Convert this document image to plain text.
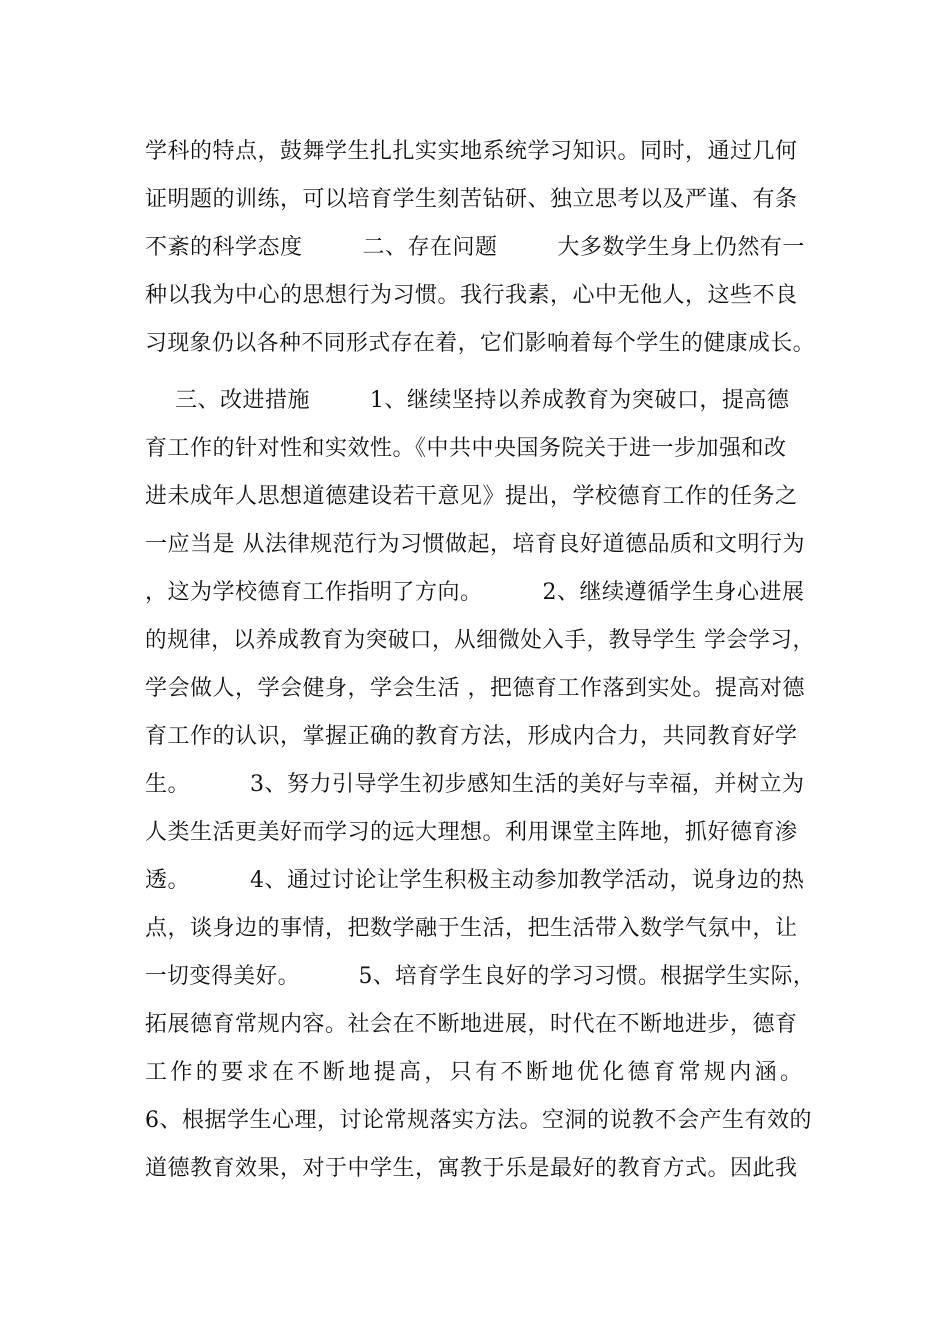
学科的特点，鼓舞学生扎扎实实地系统学习知识。同时，通过几何
证明题的训练，可以培育学生刻苦钻研、独立思考以及严谨、有条
不紊的科学态度        二、存在问题        大多数学生身上仍然有一
种以我为中心的思想行为习惯。我行我素，心中无他人，这些不良
习现象仍以各种不同形式存在着，它们影响着每个学生的健康成长。
三、改进措施        1、继续坚持以养成教育为突破口，提高德
育工作的针对性和实效性。《中共中央国务院关于进一步加强和改
进未成年人思想道德建设若干意见》提出，学校德育工作的任务之
一应当是 从法律规范行为习惯做起，培育良好道德品质和文明行为
，这为学校德育工作指明了方向。        2、继续遵循学生身心进展
的规律，以养成教育为突破口，从细微处入手，教导学生 学会学习，
学会做人，学会健身，学会生活 ，把德育工作落到实处。提高对德
育工作的认识，掌握正确的教育方法，形成内合力，共同教育好学
生。        3、努力引导学生初步感知生活的美好与幸福，并树立为
人类生活更美好而学习的远大理想。利用课堂主阵地，抓好德育渗
透。        4、通过讨论让学生积极主动参加教学活动，说身边的热
点，谈身边的事情，把数学融于生活，把生活带入数学气氛中，让
一切变得美好。        5、培育学生良好的学习习惯。根据学生实际，
拓展德育常规内容。社会在不断地进展，时代在不断地进步，德育
工作的要求在不断地提高，只有不断地优化德育常规内涵。
6、根据学生心理，讨论常规落实方法。空洞的说教不会产生有效的
道德教育效果，对于中学生，寓教于乐是最好的教育方式。因此我
